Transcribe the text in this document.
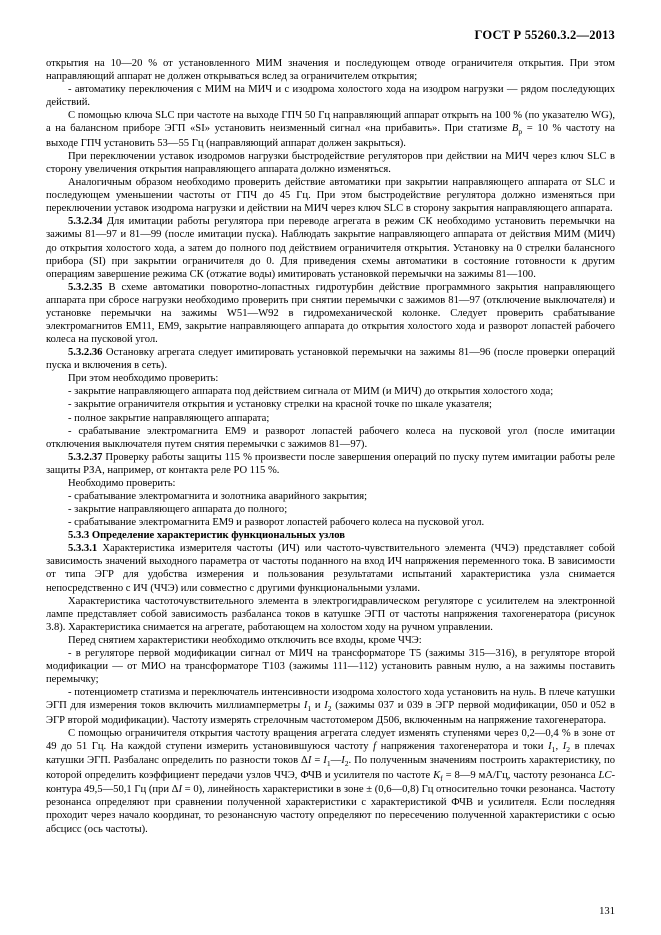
ГОСТ Р 55260.3.2—2013

открытия на 10—20 % от установленного МИМ значения и последующем отводе ограничителя открытия. При этом направляющий аппарат не должен открываться вслед за ограничителем открытия;

- автоматику переключения с МИМ на МИЧ и с изодрома холостого хода на изодром нагрузки — рядом последующих действий.

С помощью ключа SLC при частоте на выходе ГПЧ 50 Гц направляющий аппарат открыть на 100 % (по указателю WG), а на балансном приборе ЭГП «SI» установить неизменный сигнал «на прибавить». При статизме $В_р = 10$ % частоту на выходе ГПЧ установить 53—55 Гц (направляющий аппарат должен закрыться).

При переключении уставок изодромов нагрузки быстродействие регуляторов при действии на МИЧ через ключ SLC в сторону увеличения открытия направляющего аппарата должно изменяться.

Аналогичным образом необходимо проверить действие автоматики при закрытии направляющего аппарата от SLC и последующем уменьшении частоты от ГПЧ до 45 Гц. При этом быстродействие регулятора должно изменяться при переключении уставок изодрома нагрузки и действии на МИЧ через ключ SLC в сторону закрытия направляющего аппарата.

5.3.2.34 Для имитации работы регулятора при переводе агрегата в режим СК необходимо установить перемычки на зажимы 81—97 и 81—99 (после имитации пуска). Наблюдать закрытие направляющего аппарата от действия МИМ (МИЧ) до открытия холостого хода, а затем до полного под действием ограничителя открытия. Установку на 0 стрелки балансного прибора (SI) при закрытии ограничителя до 0. Для приведения схемы автоматики в состояние готовности к другим операциям завершение режима СК (отжатие воды) имитировать установкой перемычки на зажимы 81—100.

5.3.2.35 В схеме автоматики поворотно-лопастных гидротурбин действие программного закрытия направляющего аппарата при сбросе нагрузки необходимо проверить при снятии перемычки с зажимов 81—97 (отключение выключателя) и установке перемычки на зажимы W51—W92 в гидромеханической колонке. Следует проверить срабатывание электромагнитов EM11, EM9, закрытие направляющего аппарата до открытия холостого хода и разворот лопастей рабочего колеса на пусковой угол.

5.3.2.36 Остановку агрегата следует имитировать установкой перемычки на зажимы 81—96 (после проверки операций пуска и включения в сеть).

При этом необходимо проверить:

- закрытие направляющего аппарата под действием сигнала от МИМ (и МИЧ) до открытия холостого хода;

- закрытие ограничителя открытия и установку стрелки на красной точке по шкале указателя;

- полное закрытие направляющего аппарата;

- срабатывание электромагнита ЕМ9 и разворот лопастей рабочего колеса на пусковой угол (после имитации отключения выключателя путем снятия перемычки с зажимов 81—97).

5.3.2.37 Проверку работы защиты 115 % произвести после завершения операций по пуску путем имитации работы реле защиты РЗА, например, от контакта реле РО 115 %.

Необходимо проверить:

- срабатывание электромагнита и золотника аварийного закрытия;

- закрытие направляющего аппарата до полного;

- срабатывание электромагнита ЕМ9 и разворот лопастей рабочего колеса на пусковой угол.

5.3.3 Определение характеристик функциональных узлов

5.3.3.1 Характеристика измерителя частоты (ИЧ) или частото-чувствительного элемента (ЧЧЭ) представляет собой зависимость значений выходного параметра от частоты поданного на вход ИЧ напряжения переменного тока. В зависимости от типа ЭГР для удобства измерения и пользования результатами испытаний характеристика узла снимается непосредственно с ИЧ (ЧЧЭ) или совместно с другими функциональными узлами.

Характеристика частоточувствительного элемента в электрогидравлическом регуляторе с усилителем на электронной лампе представляет собой зависимость разбаланса токов в катушке ЭГП от частоты напряжения тахогенератора (рисунок 3.8). Характеристика снимается на агрегате, работающем на холостом ходу на ручном управлении.

Перед снятием характеристики необходимо отключить все входы, кроме ЧЧЭ:

- в регуляторе первой модификации сигнал от МИЧ на трансформаторе Т5 (зажимы 315—316), в регуляторе второй модификации — от МИО на трансформаторе Т103 (зажимы 111—112) установить равным нулю, а на зажимы поставить перемычку;

- потенциометр статизма и переключатель интенсивности изодрома холостого хода установить на нуль. В плече катушки ЭГП для измерения токов включить миллиамперметры $I_1$ и $I_2$ (зажимы 037 и 039 в ЭГР первой модификации, 050 и 052 в ЭГР второй модификации). Частоту измерять стрелочным частотомером Д506, включенным на напряжение тахогенератора.

С помощью ограничителя открытия частоту вращения агрегата следует изменять ступенями через 0,2—0,4 % в зоне от 49 до 51 Гц. На каждой ступени измерить установившуюся частоту f напряжения тахогенератора и токи $I_1$, $I_2$ в плечах катушки ЭГП. Разбаланс определить по разности токов $\Delta I = I_1—I_2$. По полученным значениям построить характеристику, по которой определить коэффициент передачи узлов ЧЧЭ, ФЧВ и усилителя по частоте $K_f$ = 8—9 мА/Гц, частоту резонанса LC-контура 49,5—50,1 Гц (при ΔI = 0), линейность характеристики в зоне ± (0,6—0,8) Гц относительно точки резонанса. Частоту резонанса определяют при сравнении полученной характеристики с характеристикой ФЧВ и усилителя. Если последняя проходит через начало координат, то резонансную частоту определяют по пересечению полученной характеристики с осью абсцисс (ось частоты).

131
